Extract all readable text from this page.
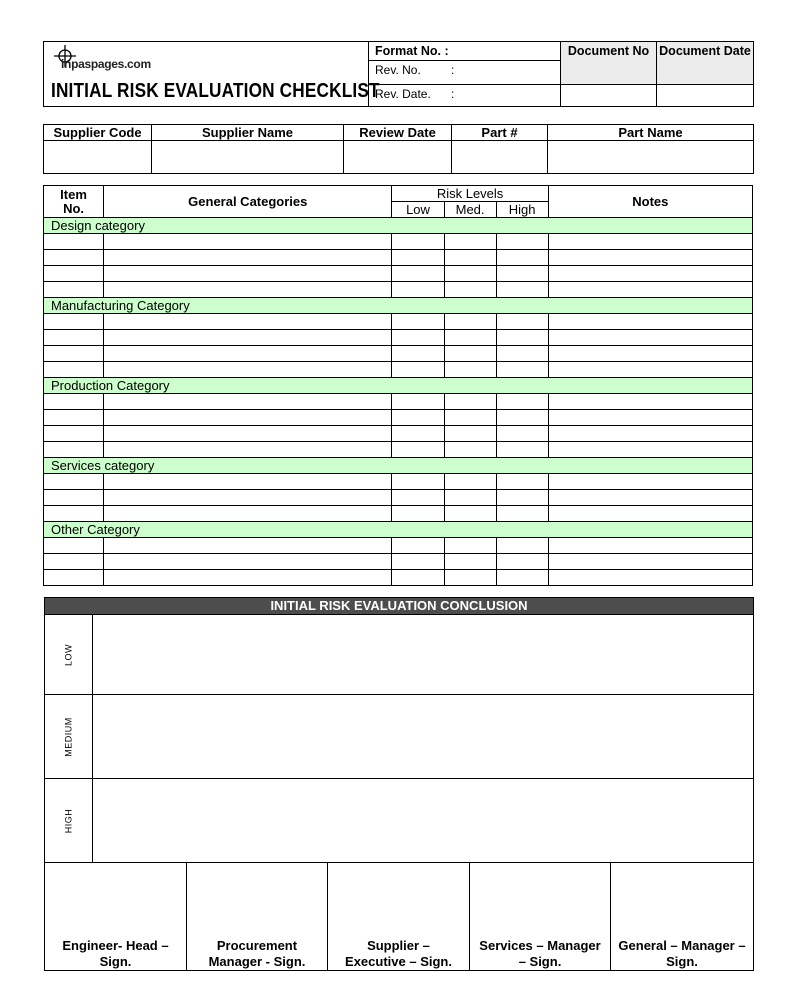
inpaspages.com
INITIAL RISK EVALUATION CHECKLIST	Format No. :	Document No	Document Date
	Rev. No. :		

	Rev. Date. :		

Supplier Code	Supplier Name	Review Date	Part #	Part Name

Item No.	General Categories	Risk Levels			Notes
		Low	Med.	High	
Design category					

Manufacturing Category					

Production Category					

Services category					

Other Category					

INITIAL RISK EVALUATION CONCLUSION	

LOW	

MEDIUM	

HIGH	

Engineer- Head – Sign.	Procurement Manager - Sign.	Supplier – Executive – Sign.	Services – Manager – Sign.	General – Manager – Sign.
